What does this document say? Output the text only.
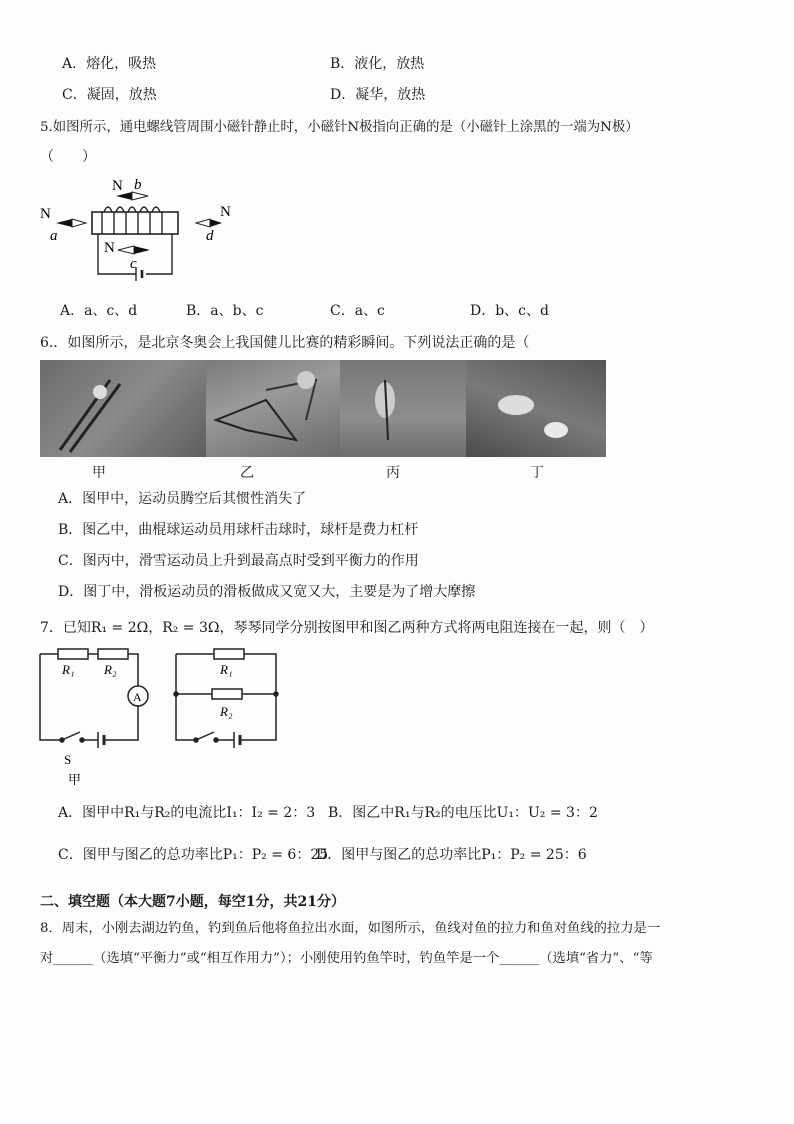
A．熔化，吸热	B．液化，放热
C．凝固，放热	D．凝华，放热
5.如图所示，通电螺线管周围小磁针静止时，小磁针N极指向正确的是（小磁针上涂黑的一端为N极）
（　　）
N b
N
a
N
d
N
c
A．a、c、d	B．a、b、c	C．a、c	D．b、c、d
6.．如图所示，是北京冬奥会上我国健儿比赛的精彩瞬间。下列说法正确的是（
甲	乙	丙	丁
A．图甲中，运动员腾空后其惯性消失了
B．图乙中，曲棍球运动员用球杆击球时，球杆是费力杠杆
C．图丙中，滑雪运动员上升到最高点时受到平衡力的作用
D．图丁中，滑板运动员的滑板做成又宽又大，主要是为了增大摩擦
7．已知R₁ = 2Ω，R₂ = 3Ω，琴琴同学分别按图甲和图乙两种方式将两电阻连接在一起，则（　）
R₁ R₂
A
S
甲
R₁
R₂
A．图甲中R₁与R₂的电流比I₁：I₂ = 2：3 B．图乙中R₁与R₂的电压比U₁：U₂ = 3：2
C．图甲与图乙的总功率比P₁：P₂ = 6：25
D．图甲与图乙的总功率比P₁：P₂ = 25：6
二、填空题（本大题7小题，每空1分，共21分）
8．周末，小刚去湖边钓鱼，钓到鱼后他将鱼拉出水面，如图所示，鱼线对鱼的拉力和鱼对鱼线的拉力是一
对______（选填“平衡力”或“相互作用力”）；小刚使用钓鱼竿时，钓鱼竿是一个______（选填“省力”、“等
